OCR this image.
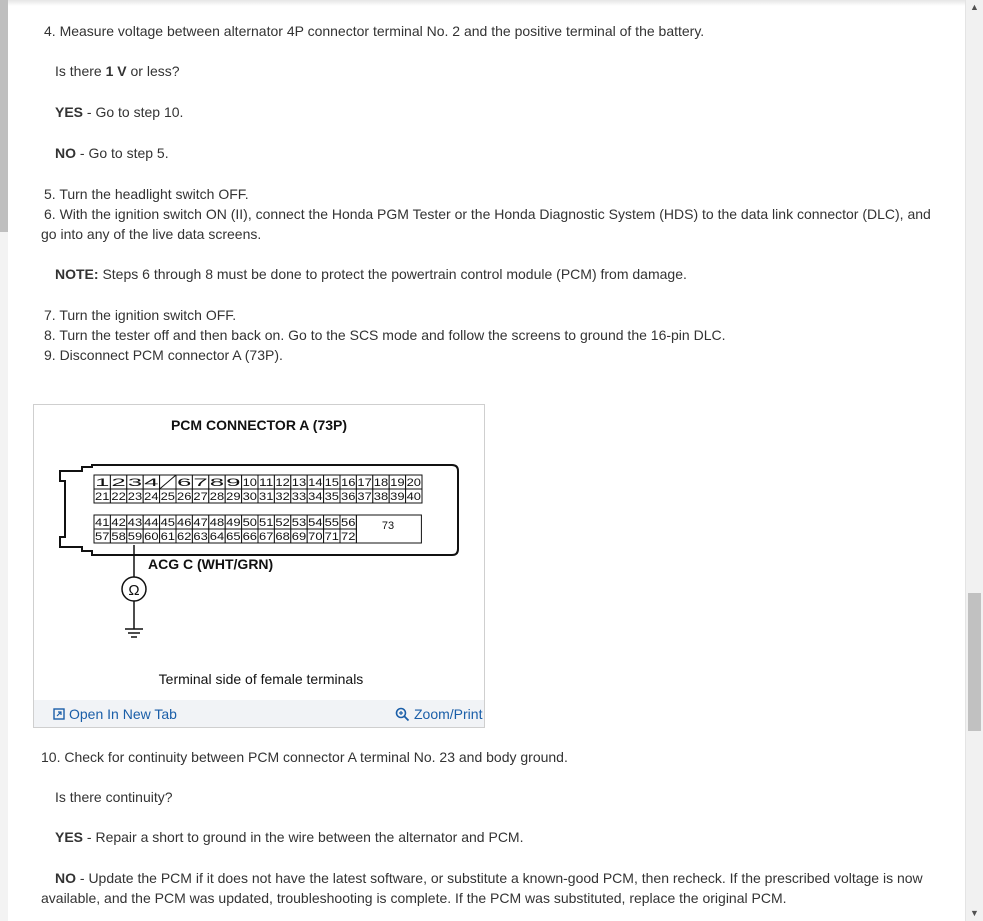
4. Measure voltage between alternator 4P connector terminal No. 2 and the positive terminal of the battery.
Is there 1 V or less?
YES - Go to step 10.
NO - Go to step 5.
5. Turn the headlight switch OFF.
6. With the ignition switch ON (II), connect the Honda PGM Tester or the Honda Diagnostic System (HDS) to the data link connector (DLC), and go into any of the live data screens.
NOTE: Steps 6 through 8 must be done to protect the powertrain control module (PCM) from damage.
7. Turn the ignition switch OFF.
8. Turn the tester off and then back on. Go to the SCS mode and follow the screens to ground the 16-pin DLC.
9. Disconnect PCM connector A (73P).
10. Check for continuity between PCM connector A terminal No. 23 and body ground.
Is there continuity?
YES - Repair a short to ground in the wire between the alternator and PCM.
NO - Update the PCM if it does not have the latest software, or substitute a known-good PCM, then recheck. If the prescribed voltage is now available, and the PCM was updated, troubleshooting is complete. If the PCM was substituted, replace the original PCM.
PCM CONNECTOR A (73P)
1 2 3 4 6 7 8 9 10 11 12 13 14 15 16 17 18 19 20
21 22 23 24 25 26 27 28 29 30 31 32 33 34 35 36 37 38 39 40
41 42 43 44 45 46 47 48 49 50 51 52 53 54 55 56
57 58 59 60 61 62 63 64 65 66 67 68 69 70 71 72
73
Ω
ACG C (WHT/GRN)
Terminal side of female terminals
Open In New Tab	Zoom/Print
▲
▼
